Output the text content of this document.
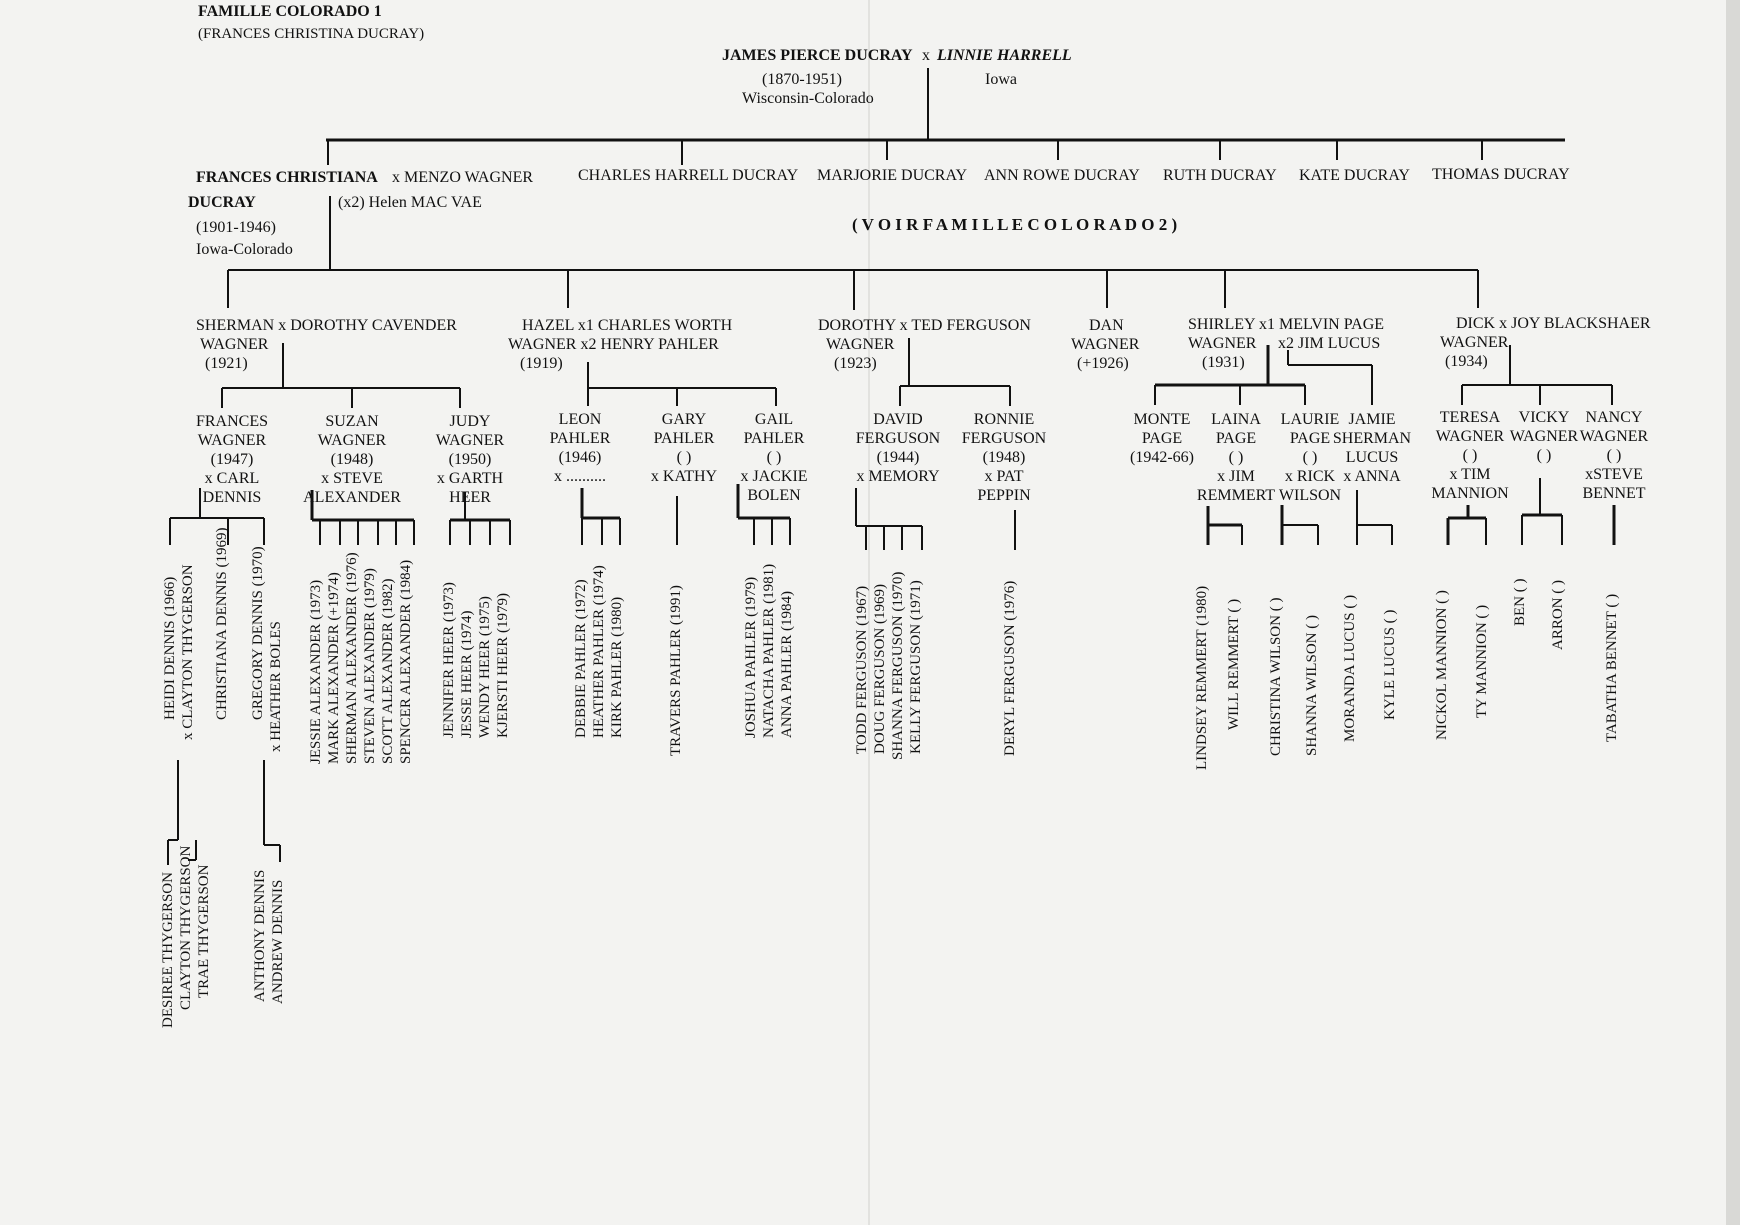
FAMILLE COLORADO 1
(FRANCES CHRISTINA DUCRAY)
JAMES PIERCE DUCRAY x LINNIE HARRELL
(1870-1951)
Wisconsin-Colorado
Iowa
FRANCES CHRISTIANA x MENZO WAGNER
DUCRAY	(x2) Helen MAC VAE
(1901-1946)
Iowa-Colorado
CHARLES HARRELL DUCRAY MARJORIE DUCRAY ANN ROWE DUCRAY RUTH DUCRAY KATE DUCRAY THOMAS DUCRAY
( V O I R F A M I L L E C O L O R A D O 2 )
SHERMAN x DOROTHY CAVENDER
WAGNER
(1921)
HAZEL x1 CHARLES WORTH
WAGNER x2 HENRY PAHLER
(1919)
DOROTHY x TED FERGUSON
WAGNER
(1923)
DAN
WAGNER
(+1926)
SHIRLEY x1 MELVIN PAGE
WAGNER x2 JIM LUCUS
(1931)
DICK x JOY BLACKSHAER
WAGNER
(1934)
FRANCES
WAGNER
(1947)
x CARL
DENNIS
SUZAN
WAGNER
(1948)
x STEVE
ALEXANDER
JUDY
WAGNER
(1950)
x GARTH
HEER
LEON
PAHLER
(1946)
x ..........
GARY
PAHLER
( )
x KATHY
GAIL
PAHLER
( )
x JACKIE
BOLEN
DAVID
FERGUSON
(1944)
x MEMORY
RONNIE
FERGUSON
(1948)
x PAT
PEPPIN
MONTE
PAGE
(1942-66)
LAINA
PAGE
( )
x JIM
REMMERT
LAURIE
PAGE
( )
x RICK
WILSON
JAMIE
SHERMAN
LUCUS
x ANNA
TERESA
WAGNER
( )
x TIM
MANNION
VICKY
WAGNER
( )
NANCY
WAGNER
( )
xSTEVE
BENNET
HEIDI DENNIS (1966) x CLAYTON THYGERSON CHRISTIANA DENNIS (1969) GREGORY DENNIS (1970) x HEATHER BOLES JESSIE ALEXANDER (1973) MARK ALEXANDER (+1974) SHERMAN ALEXANDER (1976) STEVEN ALEXANDER (1979) SCOTT ALEXANDER (1982) SPENCER ALEXANDER (1984) JENNIFER HEER (1973) JESSE HEER (1974) WENDY HEER (1975) KJERSTI HEER (1979)	DEBBIE PAHLER (1972) HEATHER PAHLER (1974) KIRK PAHLER (1980)	TRAVERS PAHLER (1991)	JOSHUA PAHLER (1979) NATACHA PAHLER (1981) ANNA PAHLER (1984)	TODD FERGUSON (1967) DOUG FERGUSON (1969) SHANNA FERGUSON (1970) KELLY FERGUSON (1971)	DERYL FERGUSON (1976)	LINDSEY REMMERT (1980) WILL REMMERT ( ) CHRISTINA WILSON ( ) SHANNA WILSON ( ) MORANDA LUCUS ( ) KYLE LUCUS ( ) NICKOL MANNION ( ) TY MANNION ( )
BEN ( ) ARRON ( )	TABATHA BENNET ( )
DESIREE THYGERSON CLAYTON THYGERSON TRAE THYGERSON	ANTHONY DENNIS ANDREW DENNIS
